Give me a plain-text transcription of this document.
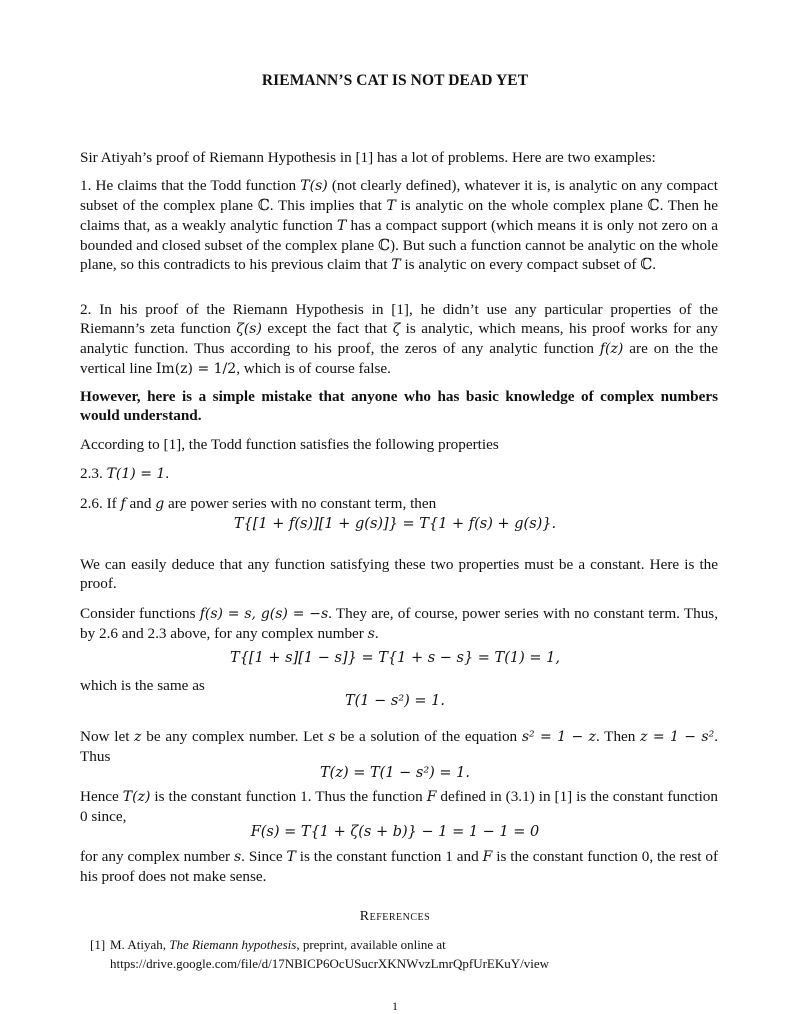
RIEMANN’S CAT IS NOT DEAD YET

Sir Atiyah’s proof of Riemann Hypothesis in [1] has a lot of problems. Here are two examples:

1. He claims that the Todd function T(s) (not clearly defined), whatever it is, is analytic on any compact subset of the complex plane ℂ. This implies that T is analytic on the whole complex plane ℂ. Then he claims that, as a weakly analytic function T has a compact support (which means it is only not zero on a bounded and closed subset of the complex plane ℂ). But such a function cannot be analytic on the whole plane, so this contradicts to his previous claim that T is analytic on every compact subset of ℂ.

2. In his proof of the Riemann Hypothesis in [1], he didn’t use any particular properties of the Riemann’s zeta function ζ(s) except the fact that ζ is analytic, which means, his proof works for any analytic function. Thus according to his proof, the zeros of any analytic function f(z) are on the the vertical line Im(z) = 1/2, which is of course false.

However, here is a simple mistake that anyone who has basic knowledge of complex numbers would understand.

According to [1], the Todd function satisfies the following properties

2.3. T(1) = 1.

2.6. If f and g are power series with no constant term, then

T{[1 + f(s)][1 + g(s)]} = T{1 + f(s) + g(s)}.

We can easily deduce that any function satisfying these two properties must be a constant. Here is the proof.

Consider functions f(s) = s, g(s) = −s. They are, of course, power series with no constant term. Thus, by 2.6 and 2.3 above, for any complex number s.

T{[1 + s][1 − s]} = T{1 + s − s} = T(1) = 1,

which is the same as

T(1 − s²) = 1.

Now let z be any complex number. Let s be a solution of the equation s² = 1 − z. Then z = 1 − s². Thus

T(z) = T(1 − s²) = 1.

Hence T(z) is the constant function 1. Thus the function F defined in (3.1) in [1] is the constant function 0 since,

F(s) = T{1 + ζ(s + b)} − 1 = 1 − 1 = 0

for any complex number s. Since T is the constant function 1 and F is the constant function 0, the rest of his proof does not make sense.

References
[1] M. Atiyah, The Riemann hypothesis, preprint, available online at
https://drive.google.com/file/d/17NBICP6OcUSucrXKNWvzLmrQpfUrEKuY/view
1
